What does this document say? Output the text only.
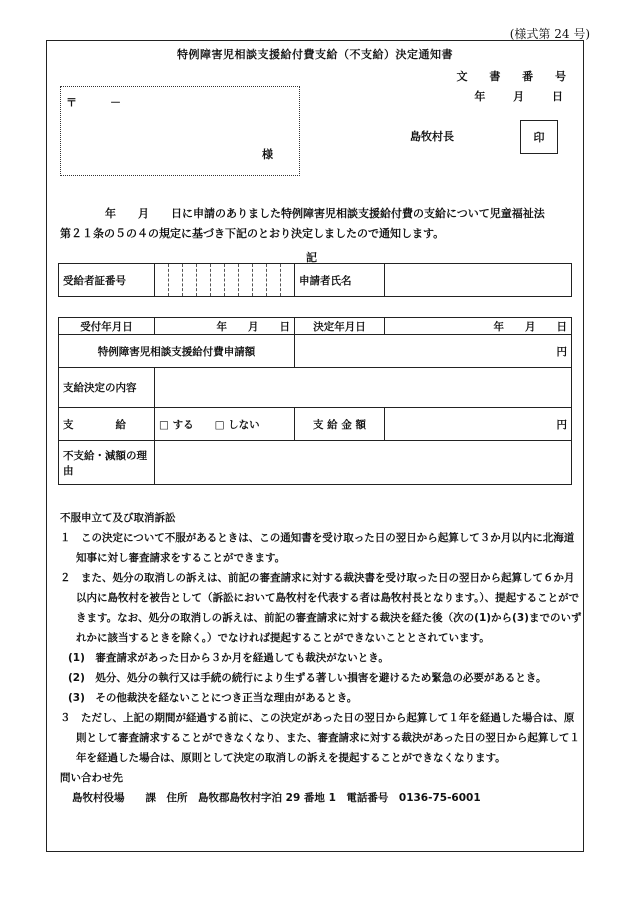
(様式第 24 号)
特例障害児相談支援給付費支給（不支給）決定通知書
文 書 番 号
年 月 日
〒　　　－
様
島牧村長	印
年　　月　　日に申請のありました特例障害児相談支援給付費の支給について児童福祉法
第２１条の５の４の規定に基づき下記のとおり決定しましたので通知します。
記
受給者証番号		申請者氏名	
受付年月日	年　　月　　日	決定年月日	年　　月　　日
特例障害児相談支援給付費申請額		円	
支給決定の内容			
支　　　　給	□ する　　□ しない	支 給 金 額	円
不支給・減額の理由			

不服申立て及び取消訴訟

１　この決定について不服があるときは、この通知書を受け取った日の翌日から起算して３か月以内に北海道知事に対し審査請求をすることができます。

２　また、処分の取消しの訴えは、前記の審査請求に対する裁決書を受け取った日の翌日から起算して６か月以内に島牧村を被告として（訴訟において島牧村を代表する者は島牧村長となります。）、提起することができます。なお、処分の取消しの訴えは、前記の審査請求に対する裁決を経た後（次の(1)から(3)までのいずれかに該当するときを除く。）でなければ提起することができないこととされています。

(1)　審査請求があった日から３か月を経過しても裁決がないとき。

(2)　処分、処分の執行又は手続の続行により生ずる著しい損害を避けるため緊急の必要があるとき。

(3)　その他裁決を経ないことにつき正当な理由があるとき。

３　ただし、上記の期間が経過する前に、この決定があった日の翌日から起算して１年を経過した場合は、原則として審査請求することができなくなり、また、審査請求に対する裁決があった日の翌日から起算して１年を経過した場合は、原則として決定の取消しの訴えを提起することができなくなります。

問い合わせ先

島牧村役場　　課　住所　島牧郡島牧村字泊 29 番地 1　電話番号　0136-75-6001
